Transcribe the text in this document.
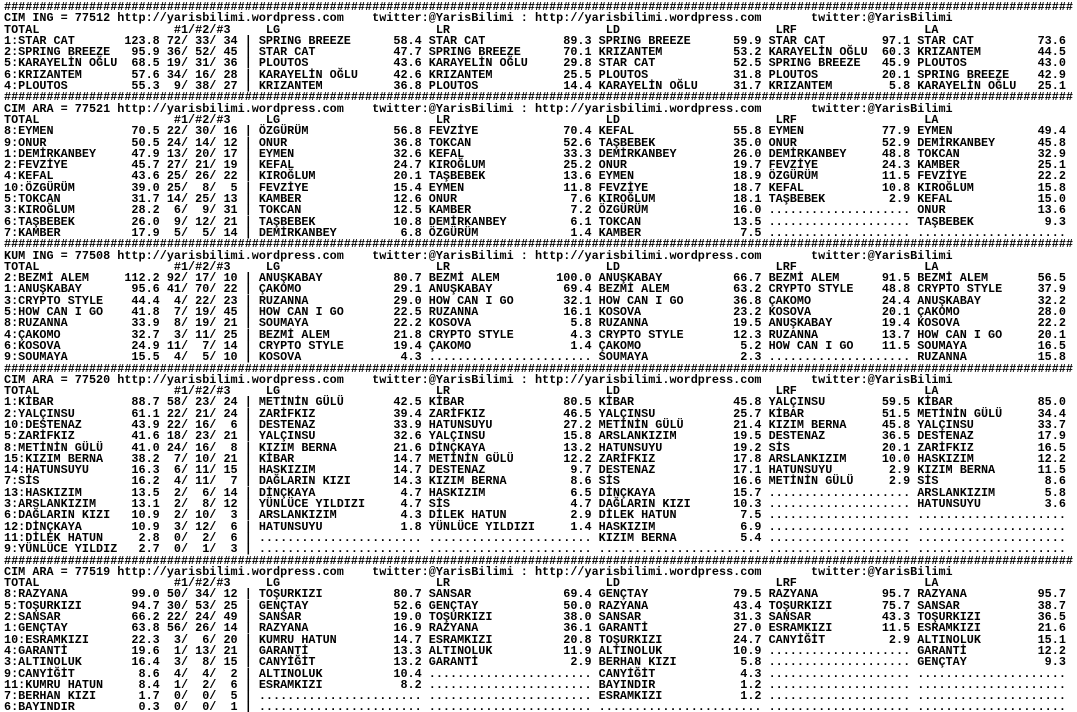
#######################################################################################################################################################
CIM ING = 77512 http://yarisbilimi.wordpress.com    twitter:@YarisBilimi : http://yarisbilimi.wordpress.com       twitter:@YarisBilimi
TOTAL                   #1/#2/#3     LG                      LR                      LD                      LRF                  LA
1:STAR CAT       123.8 72/ 33/ 34 | SPRING BREEZE      58.4 STAR CAT           89.3 SPRING BREEZE      59.9 STAR CAT        97.1 STAR CAT         73.6
2:SPRING BREEZE   95.9 36/ 52/ 45 | STAR CAT           47.7 SPRING BREEZE      70.1 KRIZANTEM          53.2 KARAYELİN OĞLU  60.3 KRIZANTEM        44.5
5:KARAYELİN OĞLU  68.5 19/ 31/ 36 | PLOUTOS            43.6 KARAYELİN OĞLU     29.8 STAR CAT           52.5 SPRING BREEZE   45.9 PLOUTOS          43.0
6:KRIZANTEM       57.6 34/ 16/ 28 | KARAYELİN OĞLU     42.6 KRIZANTEM          25.5 PLOUTOS            31.8 PLOUTOS         20.1 SPRING BREEZE    42.9
4:PLOUTOS         55.3  9/ 38/ 27 | KRIZANTEM          36.8 PLOUTOS            14.4 KARAYELİN OĞLU     31.7 KRIZANTEM        5.8 KARAYELİN OĞLU   25.1
#######################################################################################################################################################
CIM ARA = 77521 http://yarisbilimi.wordpress.com    twitter:@YarisBilimi : http://yarisbilimi.wordpress.com       twitter:@YarisBilimi
TOTAL                   #1/#2/#3     LG                      LR                      LD                      LRF                  LA
8:EYMEN           70.5 22/ 30/ 16 | ÖZGÜRÜM            56.8 FEVZİYE            70.4 KEFAL              55.8 EYMEN           77.9 EYMEN            49.4
9:ONUR            50.5 24/ 14/ 12 | ONUR               36.8 TOKCAN             52.6 TAŞBEBEK           35.0 ONUR            52.9 DEMİRKANBEY      45.8
1:DEMİRKANBEY     47.9 13/ 20/ 17 | EYMEN              32.6 KEFAL              33.3 DEMİRKANBEY        26.0 DEMİRKANBEY     48.8 TOKCAN           32.9
2:FEVZİYE         45.7 27/ 21/ 19 | KEFAL              24.7 KIROĞLUM           25.2 ONUR               19.7 FEVZİYE         24.3 KAMBER           25.1
4:KEFAL           43.6 25/ 26/ 22 | KIROĞLUM           20.1 TAŞBEBEK           13.6 EYMEN              18.9 ÖZGÜRÜM         11.5 FEVZİYE          22.2
10:ÖZGÜRÜM        39.0 25/  8/  5 | FEVZİYE            15.4 EYMEN              11.8 FEVZİYE            18.7 KEFAL           10.8 KIROĞLUM         15.8
5:TOKCAN          31.7 14/ 25/ 13 | KAMBER             12.6 ONUR                7.6 KIROĞLUM           18.1 TAŞBEBEK         2.9 KEFAL            15.0
3:KIROĞLUM        28.2  6/  9/ 31 | TOKCAN             12.5 KAMBER              7.2 ÖZGÜRÜM            16.0 .................... ONUR             13.6
6:TAŞBEBEK        26.0  9/ 12/ 21 | TAŞBEBEK           10.8 DEMİRKANBEY         6.1 TOKCAN             13.5 .................... TAŞBEBEK          9.3
7:KAMBER          17.9  5/  5/ 14 | DEMİRKANBEY         6.8 ÖZGÜRÜM             1.4 KAMBER              7.5 .................... .....................
#######################################################################################################################################################
KUM ING = 77508 http://yarisbilimi.wordpress.com    twitter:@YarisBilimi : http://yarisbilimi.wordpress.com       twitter:@YarisBilimi
TOTAL                   #1/#2/#3     LG                      LR                      LD                      LRF                  LA
2:BEZMİ ALEM     112.2 92/ 17/ 10 | ANUŞKABAY          80.7 BEZMİ ALEM        100.0 ANUŞKABAY          66.7 BEZMİ ALEM      91.5 BEZMİ ALEM       56.5
1:ANUŞKABAY       95.6 41/ 70/ 22 | ÇAKOMO             29.1 ANUŞKABAY          69.4 BEZMİ ALEM         63.2 CRYPTO STYLE    48.8 CRYPTO STYLE     37.9
3:CRYPTO STYLE    44.4  4/ 22/ 23 | RUZANNA            29.0 HOW CAN I GO       32.1 HOW CAN I GO       36.8 ÇAKOMO          24.4 ANUŞKABAY        32.2
5:HOW CAN I GO    41.8  7/ 19/ 45 | HOW CAN I GO       22.5 RUZANNA            16.1 KOSOVA             23.2 KOSOVA          20.1 ÇAKOMO           28.0
8:RUZANNA         33.9  8/ 19/ 21 | SOUMAYA            22.2 KOSOVA              5.8 RUZANNA            19.5 ANUŞKABAY       19.4 KOSOVA           22.2
4:ÇAKOMO          32.7  3/ 11/ 25 | BEZMİ ALEM         21.8 CRYPTO STYLE        4.3 CRYPTO STYLE       12.3 RUZANNA         13.7 HOW CAN I GO     20.1
6:KOSOVA          24.9 11/  7/ 14 | CRYPTO STYLE       19.4 ÇAKOMO              1.4 ÇAKOMO              5.2 HOW CAN I GO    11.5 SOUMAYA          16.5
9:SOUMAYA         15.5  4/  5/ 10 | KOSOVA              4.3 ....................... SOUMAYA             2.3 .................... RUZANNA          15.8
#######################################################################################################################################################
CIM ARA = 77520 http://yarisbilimi.wordpress.com    twitter:@YarisBilimi : http://yarisbilimi.wordpress.com       twitter:@YarisBilimi
TOTAL                   #1/#2/#3     LG                      LR                      LD                      LRF                  LA
1:KİBAR           88.7 58/ 23/ 24 | METİNİN GÜLÜ       42.5 KİBAR              80.5 KİBAR              45.8 YALÇINSU        59.5 KİBAR            85.0
2:YALÇINSU        61.1 22/ 21/ 24 | ZARİFKIZ           39.4 ZARİFKIZ           46.5 YALÇINSU           25.7 KİBAR           51.5 METİNİN GÜLÜ     34.4
10:DESTENAZ       43.9 22/ 16/  6 | DESTENAZ           33.9 HATUNSUYU          27.2 METİNİN GÜLÜ       21.4 KIZIM BERNA     45.8 YALÇINSU         33.7
5:ZARİFKIZ        41.6 18/ 23/ 21 | YALÇINSU           32.6 YALÇINSU           15.8 ARSLANKIZIM        19.5 DESTENAZ        36.5 DESTENAZ         17.9
8:METİNİN GÜLÜ    41.0 24/ 16/  8 | KIZIM BERNA        21.6 DİNÇKAYA           13.2 HATUNSUYU          19.2 SİS             20.1 ZARİFKIZ         16.5
15:KIZIM BERNA    38.2  7/ 10/ 21 | KİBAR              14.7 METİNİN GÜLÜ       12.2 ZARİFKIZ           17.8 ARSLANKIZIM     10.0 HASKIZIM         12.2
14:HATUNSUYU      16.3  6/ 11/ 15 | HASKIZIM           14.7 DESTENAZ            9.7 DESTENAZ           17.1 HATUNSUYU        2.9 KIZIM BERNA      11.5
7:SİS             16.2  4/ 11/  7 | DAĞLARIN KIZI      14.3 KIZIM BERNA         8.6 SİS                16.6 METİNİN GÜLÜ     2.9 SİS               8.6
13:HASKIZIM       13.5  2/  6/ 14 | DİNÇKAYA            4.7 HASKIZIM            6.5 DİNÇKAYA           15.7 .................... ARSLANKIZIM       5.8
3:ARSLANKIZIM     13.1  2/  8/ 12 | YÜNLÜCE YILDIZI     4.7 SİS                 4.7 DAĞLARIN KIZI      10.3 .................... HATUNSUYU         3.6
6:DAĞLARIN KIZI   10.9  2/ 10/  3 | ARSLANKIZIM         4.3 DİLEK HATUN         2.9 DİLEK HATUN         7.5 .................... .....................
12:DİNÇKAYA       10.9  3/ 12/  6 | HATUNSUYU           1.8 YÜNLÜCE YILDIZI     1.4 HASKIZIM            6.9 .................... .....................
11:DİLEK HATUN     2.8  0/  2/  6 | ....................... ....................... KIZIM BERNA         5.4 .................... .....................
9:YÜNLÜCE YILDIZ   2.7  0/  1/  3 | ....................... ....................... ....................... .................... .....................
#######################################################################################################################################################
CIM ARA = 77519 http://yarisbilimi.wordpress.com    twitter:@YarisBilimi : http://yarisbilimi.wordpress.com       twitter:@YarisBilimi
TOTAL                   #1/#2/#3     LG                      LR                      LD                      LRF                  LA
8:RAZYANA         99.0 50/ 34/ 12 | TOŞURKIZI          80.7 SANSAR             69.4 GENÇTAY            79.5 RAZYANA         95.7 RAZYANA          95.7
5:TOŞURKIZI       94.7 30/ 53/ 25 | GENÇTAY            52.6 GENÇTAY            50.0 RAZYANA            43.4 TOŞURKIZI       75.7 SANSAR           38.7
2:SANSAR          66.2 22/ 24/ 49 | SANSAR             19.0 TOŞURKIZI          38.0 SANSAR             31.3 SANSAR          43.3 TOŞURKIZI        36.5
1:GENÇTAY         63.8 56/ 26/ 14 | RAZYANA            16.9 RAZYANA            36.1 GARANTİ            27.0 ESRAMKIZI       11.5 ESRAMKIZI        21.6
10:ESRAMKIZI      22.3  3/  6/ 20 | KUMRU HATUN        14.7 ESRAMKIZI          20.8 TOŞURKIZI          24.7 CANYİĞİT         2.9 ALTINOLUK        15.1
4:GARANTİ         19.6  1/ 13/ 21 | GARANTİ            13.3 ALTINOLUK          11.9 ALTINOLUK          10.9 .................... GARANTİ          12.2
3:ALTINOLUK       16.4  3/  8/ 15 | CANYİĞİT           13.2 GARANTİ             2.9 BERHAN KIZI         5.8 .................... GENÇTAY           9.3
9:CANYİĞİT         8.6  4/  4/  2 | ALTINOLUK          10.4 ....................... CANYİĞİT            4.3 .................... .....................
11:KUMRU HATUN     8.4  1/  2/  6 | ESRAMKIZI           8.2 ....................... BAYINDIR            1.2 .................... .....................
7:BERHAN KIZI      1.7  0/  0/  5 | ....................... ....................... ESRAMKIZI           1.2 .................... .....................
6:BAYINDIR         0.3  0/  0/  1 | ....................... ....................... ....................... .................... .....................
